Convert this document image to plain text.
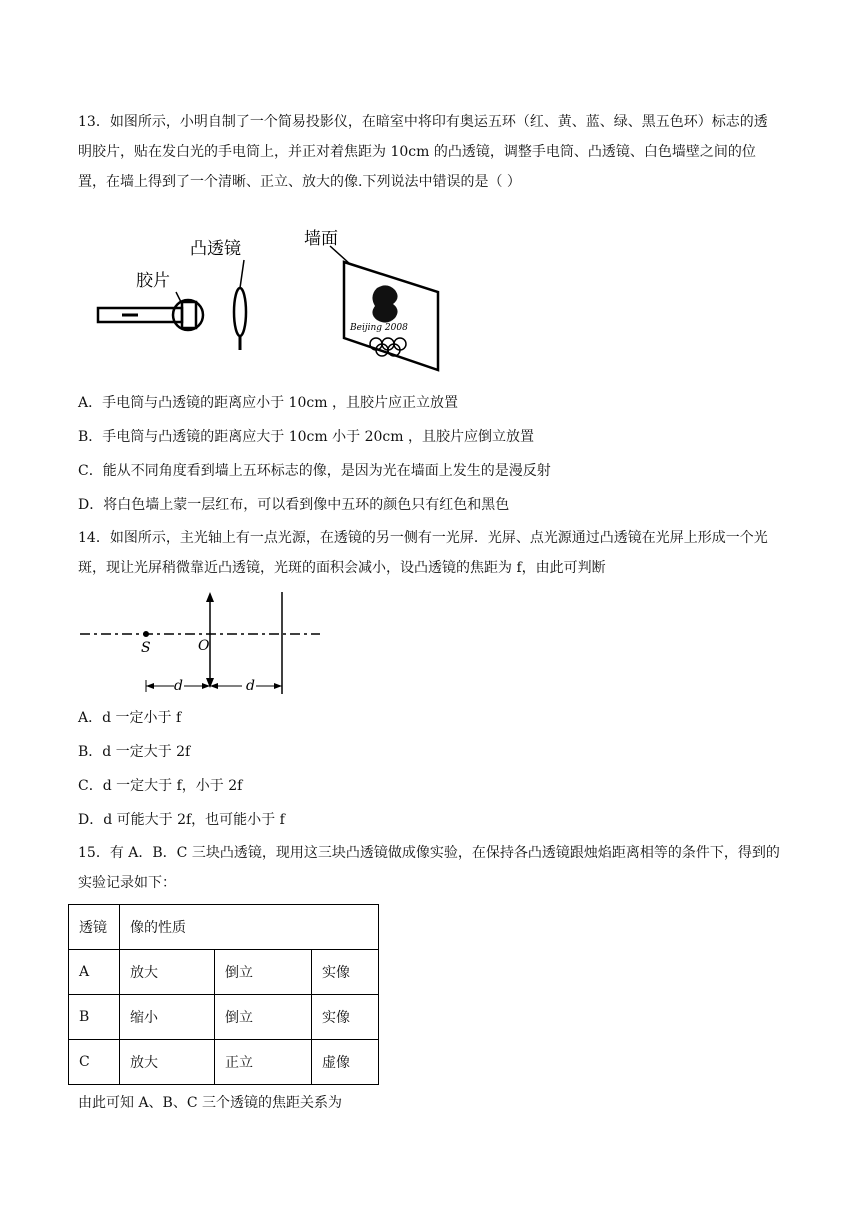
13．如图所示，小明自制了一个简易投影仪，在暗室中将印有奥运五环（红、黄、蓝、绿、黑五色环）标志的透明胶片，贴在发白光的手电筒上，并正对着焦距为 10cm 的凸透镜，调整手电筒、凸透镜、白色墙壁之间的位置，在墙上得到了一个清晰、正立、放大的像.下列说法中错误的是（ ）

胶片
凸透镜	墙面
Beijing 2008
A．手电筒与凸透镜的距离应小于 10cm ，且胶片应正立放置
B．手电筒与凸透镜的距离应大于 10cm 小于 20cm ，且胶片应倒立放置
C．能从不同角度看到墙上五环标志的像，是因为光在墙面上发生的是漫反射
D．将白色墙上蒙一层红布，可以看到像中五环的颜色只有红色和黑色

14．如图所示，主光轴上有一点光源，在透镜的另一侧有一光屏．光屏、点光源通过凸透镜在光屏上形成一个光斑，现让光屏稍微靠近凸透镜，光斑的面积会减小，设凸透镜的焦距为 f，由此可判断

S	O
d	d
A．d 一定小于 f
B．d 一定大于 2f
C．d 一定大于 f，小于 2f
D．d 可能大于 2f，也可能小于 f

15．有 A．B．C 三块凸透镜，现用这三块凸透镜做成像实验，在保持各凸透镜跟烛焰距离相等的条件下，得到的实验记录如下：

透镜	像的性质		
A	放大	倒立	实像
B	缩小	倒立	实像
C	放大	正立	虚像
由此可知 A、B、C 三个透镜的焦距关系为
